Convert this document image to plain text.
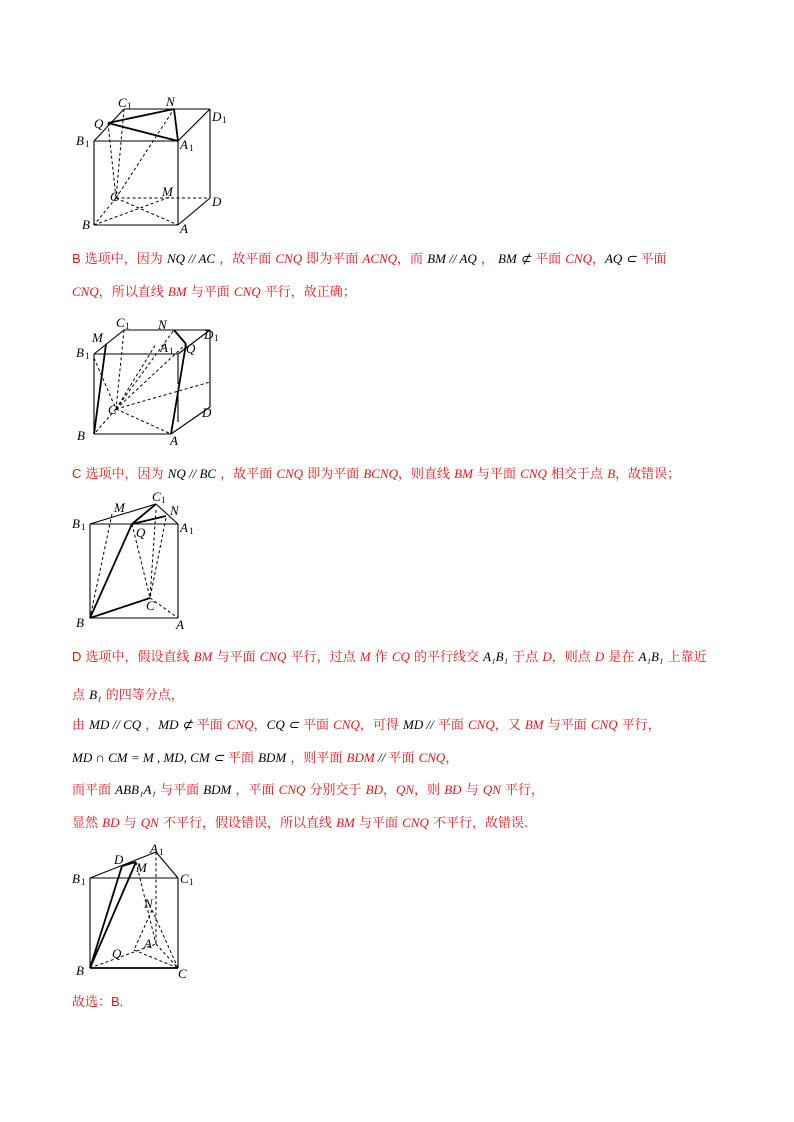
C 1	N
D 1
Q
B 1	A 1
C	M
D
B	A
B 选项中，因为 NQ // AC ，故平面 CNQ 即为平面 ACNQ，而 BM // AQ ， BM ⊄ 平面 CNQ，AQ ⊂ 平面
CNQ，所以直线 BM 与平面 CNQ 平行，故正确；
M
C 1 N
D 1
B 1
A 1 Q
C	D
B	A
C 选项中，因为 NQ // BC ，故平面 CNQ 即为平面 BCNQ，则直线 BM 与平面 CNQ 相交于点 B，故错误；
M
C 1
N
B 1	Q	A 1
C
B	A
D 选项中，假设直线 BM 与平面 CNQ 平行，过点 M 作 CQ 的平行线交 A₁B₁ 于点 D，则点 D 是在 A₁B₁ 上靠近
点 B₁ 的四等分点，
由 MD // CQ ，MD ⊄ 平面 CNQ，CQ ⊂ 平面 CNQ，可得 MD // 平面 CNQ，又 BM 与平面 CNQ 平行，
MD ∩ CM = M , MD, CM ⊂ 平面 BDM ，则平面 BDM // 平面 CNQ，
而平面 ABB₁A₁ 与平面 BDM ，平面 CNQ 分别交于 BD，QN，则 BD 与 QN 平行，
显然 BD 与 QN 不平行，假设错误，所以直线 BM 与平面 CNQ 不平行，故错误.
D
A 1
M
B 1	C 1
N
Q
A
B	C
故选：B.
